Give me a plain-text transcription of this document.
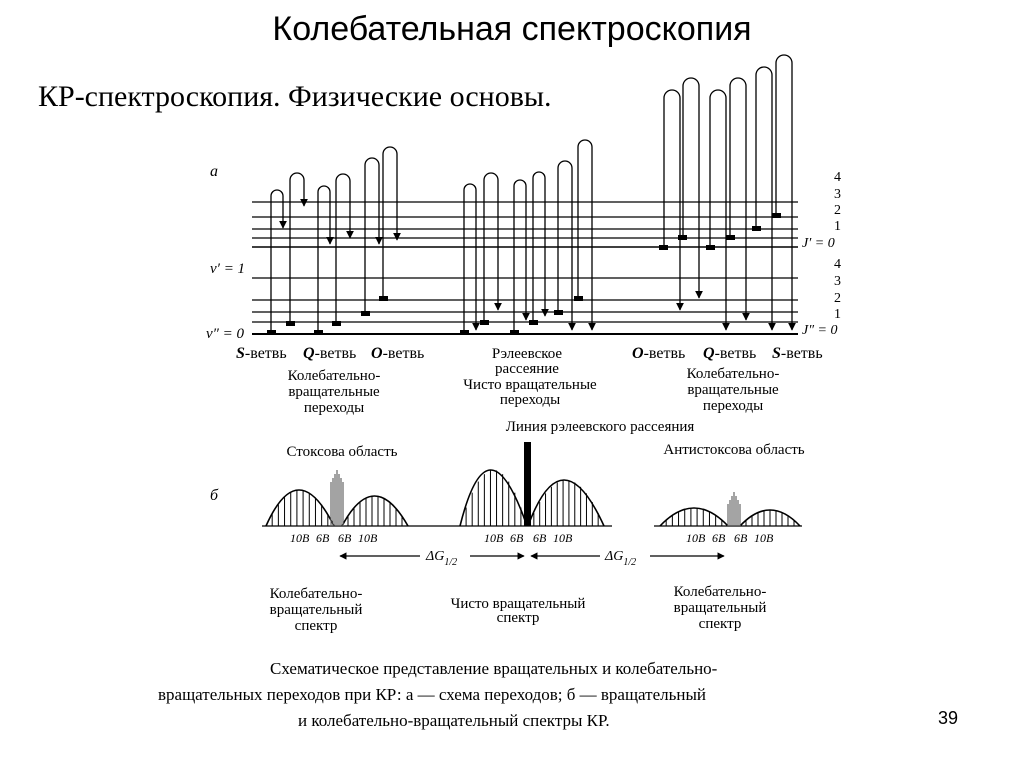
Колебательная спектроскопия
КР-спектроскопия. Физические основы.
а
v′ = 1
v″ = 0
4
3
2
1
J′ = 0
4
3
2
1
J″ = 0
S-ветвь Q-ветвь O-ветвь
Колебательно-
вращательные
переходы
Рэлеевское
рассеяние
Чисто вращательные
переходы
O-ветвь Q-ветвь S-ветвь
Колебательно-
вращательные
переходы
б
Линия рэлеевского рассеяния
Стоксова область	Антистоксова область
10B 6B 6B 10B	10B 6B 6B 10B	10B 6B 6B 10B
$\Delta G_{1/2}$	$\Delta G_{1/2}$
Колебательно-
вращательный
спектр
Чисто вращательный
спектр
Колебательно-
вращательный
спектр
Схематическое представление вращательных и колебательно-
вращательных переходов при КР: а — схема переходов; б — вращательный
и колебательно-вращательный спектры КР.	39
